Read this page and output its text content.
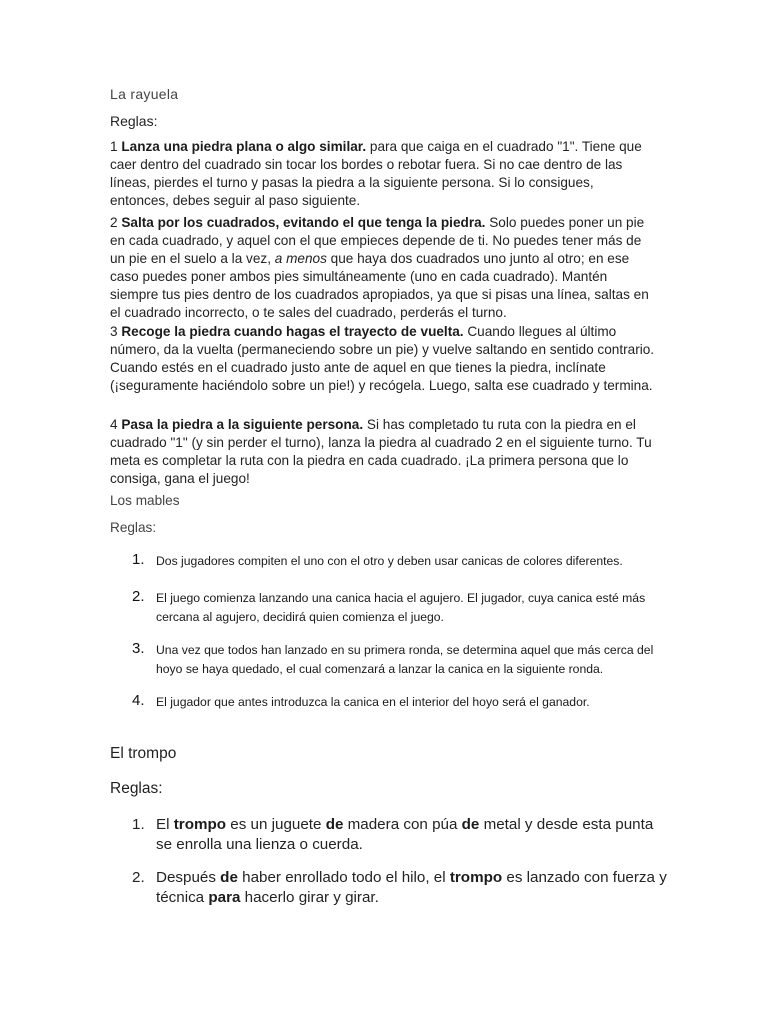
La rayuela

Reglas:

1 Lanza una piedra plana o algo similar. para que caiga en el cuadrado "1". Tiene que caer dentro del cuadrado sin tocar los bordes o rebotar fuera. Si no cae dentro de las líneas, pierdes el turno y pasas la piedra a la siguiente persona. Si lo consigues, entonces, debes seguir al paso siguiente.

2 Salta por los cuadrados, evitando el que tenga la piedra. Solo puedes poner un pie en cada cuadrado, y aquel con el que empieces depende de ti. No puedes tener más de un pie en el suelo a la vez, a menos que haya dos cuadrados uno junto al otro; en ese caso puedes poner ambos pies simultáneamente (uno en cada cuadrado). Mantén siempre tus pies dentro de los cuadrados apropiados, ya que si pisas una línea, saltas en el cuadrado incorrecto, o te sales del cuadrado, perderás el turno.

3 Recoge la piedra cuando hagas el trayecto de vuelta. Cuando llegues al último número, da la vuelta (permaneciendo sobre un pie) y vuelve saltando en sentido contrario. Cuando estés en el cuadrado justo ante de aquel en que tienes la piedra, inclínate (¡seguramente haciéndolo sobre un pie!) y recógela. Luego, salta ese cuadrado y termina.

4 Pasa la piedra a la siguiente persona. Si has completado tu ruta con la piedra en el cuadrado "1" (y sin perder el turno), lanza la piedra al cuadrado 2 en el siguiente turno. Tu meta es completar la ruta con la piedra en cada cuadrado. ¡La primera persona que lo consiga, gana el juego!

Los mables

Reglas:

1. Dos jugadores compiten el uno con el otro y deben usar canicas de colores diferentes.
2. El juego comienza lanzando una canica hacia el agujero. El jugador, cuya canica esté más cercana al agujero, decidirá quien comienza el juego.
3. Una vez que todos han lanzado en su primera ronda, se determina aquel que más cerca del hoyo se haya quedado, el cual comenzará a lanzar la canica en la siguiente ronda.
4. El jugador que antes introduzca la canica en el interior del hoyo será el ganador.

El trompo

Reglas:

1. El trompo es un juguete de madera con púa de metal y desde esta punta se enrolla una lienza o cuerda.
2. Después de haber enrollado todo el hilo, el trompo es lanzado con fuerza y técnica para hacerlo girar y girar.
